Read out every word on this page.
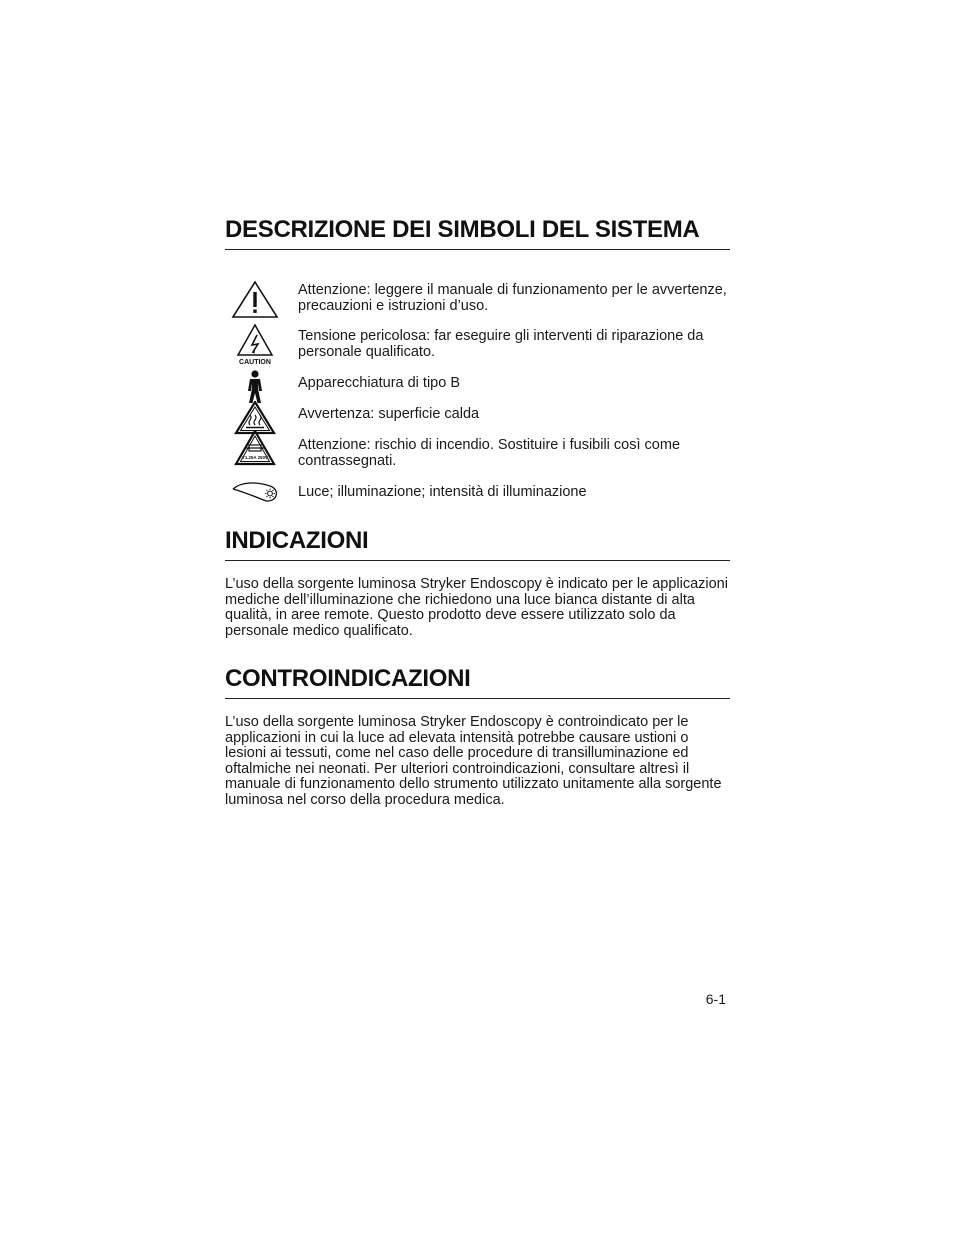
DESCRIZIONE DEI SIMBOLI DEL SISTEMA
Attenzione: leggere il manuale di funzionamento per le avvertenze, precauzioni e istruzioni d’uso.
CAUTION
Tensione pericolosa: far eseguire gli interventi di riparazione da personale qualificato.
Apparecchiatura di tipo B
Avvertenza: superficie calda
T1.25A 250V
Attenzione: rischio di incendio. Sostituire i fusibili così come contrassegnati.
Luce; illuminazione; intensità di illuminazione
INDICAZIONI

L’uso della sorgente luminosa Stryker Endoscopy è indicato per le applicazioni mediche dell’illuminazione che richiedono una luce bianca distante di alta qualità, in aree remote. Questo prodotto deve essere utilizzato solo da personale medico qualificato.

CONTROINDICAZIONI

L’uso della sorgente luminosa Stryker Endoscopy è controindicato per le applicazioni in cui la luce ad elevata intensità potrebbe causare ustioni o lesioni ai tessuti, come nel caso delle procedure di transilluminazione ed oftalmiche nei neonati. Per ulteriori controindicazioni, consultare altresì il manuale di funzionamento dello strumento utilizzato unitamente alla sorgente luminosa nel corso della procedura medica.

6-1
